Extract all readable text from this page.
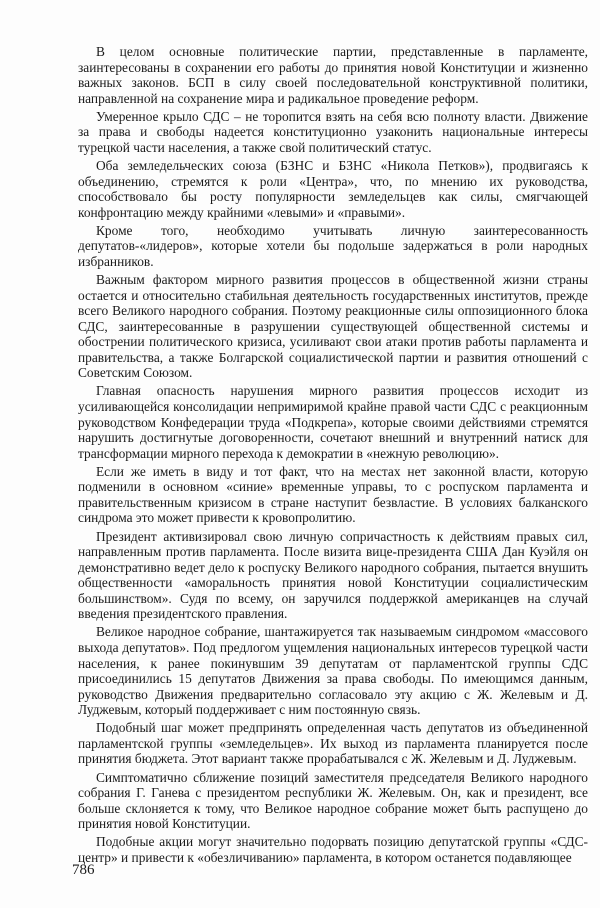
В целом основные политические партии, представленные в парламенте, заинтересованы в сохранении его работы до принятия новой Конституции и жизненно важных законов. БСП в силу своей последовательной конструктивной политики, направленной на сохранение мира и радикальное проведение реформ.

Умеренное крыло СДС – не торопится взять на себя всю полноту власти. Движение за права и свободы надеется конституционно узаконить национальные интересы турецкой части населения, а также свой политический статус.

Оба земледельческих союза (БЗНС и БЗНС «Никола Петков»), продвигаясь к объединению, стремятся к роли «Центра», что, по мнению их руководства, способствовало бы росту популярности земледельцев как силы, смягчающей конфронтацию между крайними «левыми» и «правыми».

Кроме того, необходимо учитывать личную заинтересованность депутатов-«лидеров», которые хотели бы подольше задержаться в роли народных избранников.

Важным фактором мирного развития процессов в общественной жизни страны остается и относительно стабильная деятельность государственных институтов, прежде всего Великого народного собрания. Поэтому реакционные силы оппозиционного блока СДС, заинтересованные в разрушении существующей общественной системы и обострении политического кризиса, усиливают свои атаки против работы парламента и правительства, а также Болгарской социалистической партии и развития отношений с Советским Союзом.

Главная опасность нарушения мирного развития процессов исходит из усиливающейся консолидации непримиримой крайне правой части СДС с реакционным руководством Конфедерации труда «Подкрепа», которые своими действиями стремятся нарушить достигнутые договоренности, сочетают внешний и внутренний натиск для трансформации мирного перехода к демократии в «нежную революцию».

Если же иметь в виду и тот факт, что на местах нет законной власти, которую подменили в основном «синие» временные управы, то с роспуском парламента и правительственным кризисом в стране наступит безвластие. В условиях балканского синдрома это может привести к кровопролитию.

Президент активизировал свою личную сопричастность к действиям правых сил, направленным против парламента. После визита вице-президента США Дан Куэйля он демонстративно ведет дело к роспуску Великого народного собрания, пытается внушить общественности «аморальность принятия новой Конституции социалистическим большинством». Судя по всему, он заручился поддержкой американцев на случай введения президентского правления.

Великое народное собрание, шантажируется так называемым синдромом «массового выхода депутатов». Под предлогом ущемления национальных интересов турецкой части населения, к ранее покинувшим 39 депутатам от парламентской группы СДС присоединились 15 депутатов Движения за права свободы. По имеющимся данным, руководство Движения предварительно согласовало эту акцию с Ж. Желевым и Д. Луджевым, который поддерживает с ним постоянную связь.

Подобный шаг может предпринять определенная часть депутатов из объединенной парламентской группы «земледельцев». Их выход из парламента планируется после принятия бюджета. Этот вариант также прорабатывался с Ж. Желевым и Д. Луджевым.

Симптоматично сближение позиций заместителя председателя Великого народного собрания Г. Ганева с президентом республики Ж. Желевым. Он, как и президент, все больше склоняется к тому, что Великое народное собрание может быть распущено до принятия новой Конституции.

Подобные акции могут значительно подорвать позицию депутатской группы «СДС-центр» и привести к «обезличиванию» парламента, в котором останется подавляющее

786
